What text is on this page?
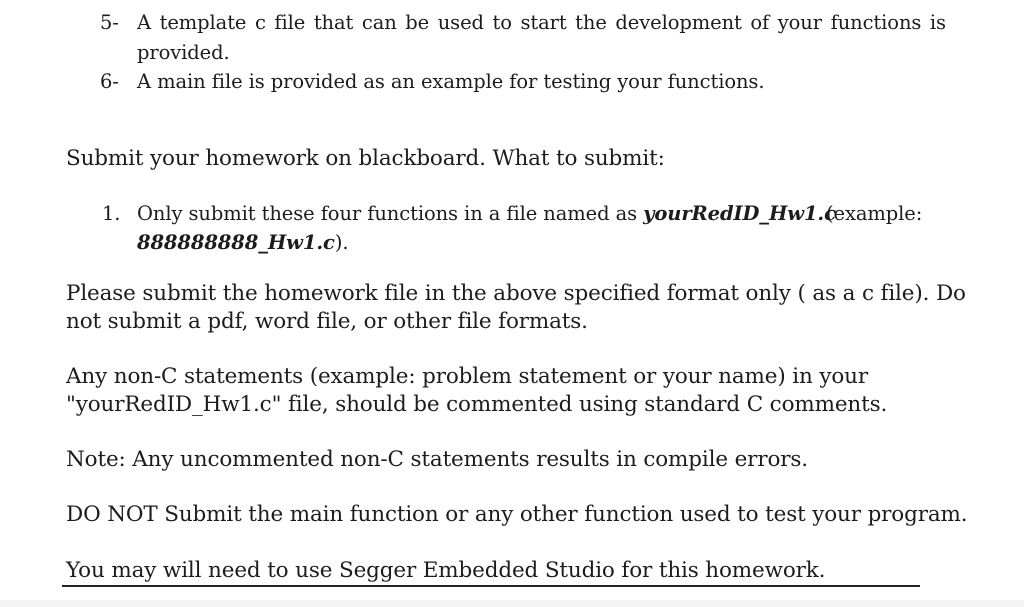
5- A template c file that can be used to start the development of your functions is
provided.
6- A main file is provided as an example for testing your functions.
Submit your homework on blackboard. What to submit:
1. Only submit these four functions in a file named as yourRedID_Hw1.c
(example:
888888888_Hw1.c).
Please submit the homework file in the above specified format only ( as a c file). Do
not submit a pdf, word file, or other file formats.
Any non-C statements (example: problem statement or your name) in your
"yourRedID_Hw1.c" file, should be commented using standard C comments.
Note: Any uncommented non-C statements results in compile errors.
DO NOT Submit the main function or any other function used to test your program.
You may will need to use Segger Embedded Studio for this homework.
